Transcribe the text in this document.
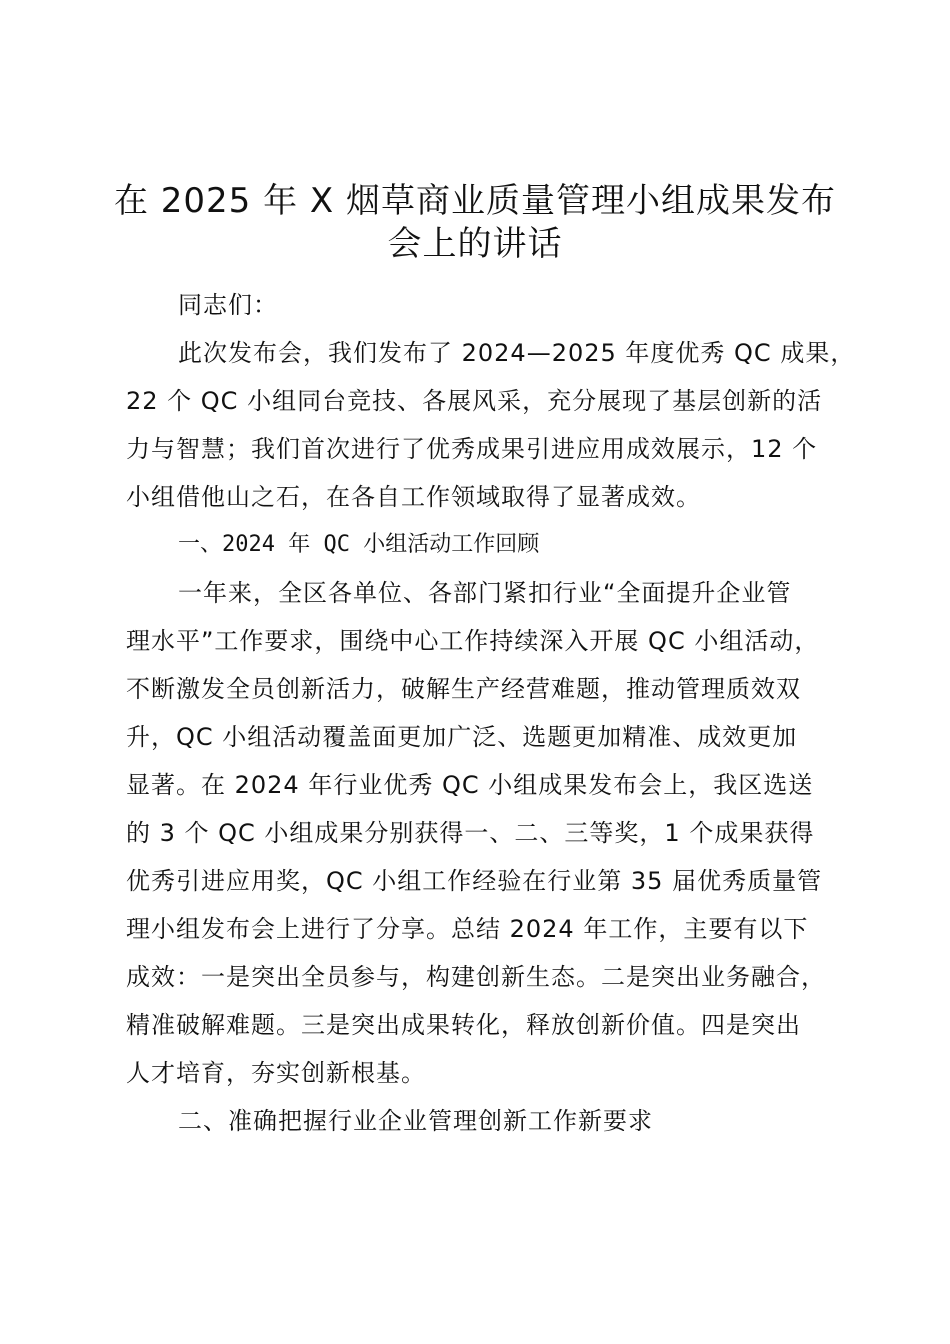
在 2025 年 X 烟草商业质量管理小组成果发布
会上的讲话
同志们：
此次发布会，我们发布了 2024—2025 年度优秀 QC 成果，
22 个 QC 小组同台竞技、各展风采，充分展现了基层创新的活
力与智慧；我们首次进行了优秀成果引进应用成效展示，12 个
小组借他山之石，在各自工作领域取得了显著成效。
一、2024 年 QC 小组活动工作回顾
一年来，全区各单位、各部门紧扣行业“全面提升企业管
理水平”工作要求，围绕中心工作持续深入开展 QC 小组活动，
不断激发全员创新活力，破解生产经营难题，推动管理质效双
升，QC 小组活动覆盖面更加广泛、选题更加精准、成效更加
显著。在 2024 年行业优秀 QC 小组成果发布会上，我区选送
的 3 个 QC 小组成果分别获得一、二、三等奖，1 个成果获得
优秀引进应用奖，QC 小组工作经验在行业第 35 届优秀质量管
理小组发布会上进行了分享。总结 2024 年工作，主要有以下
成效：一是突出全员参与，构建创新生态。二是突出业务融合，
精准破解难题。三是突出成果转化，释放创新价值。四是突出
人才培育，夯实创新根基。
二、准确把握行业企业管理创新工作新要求
